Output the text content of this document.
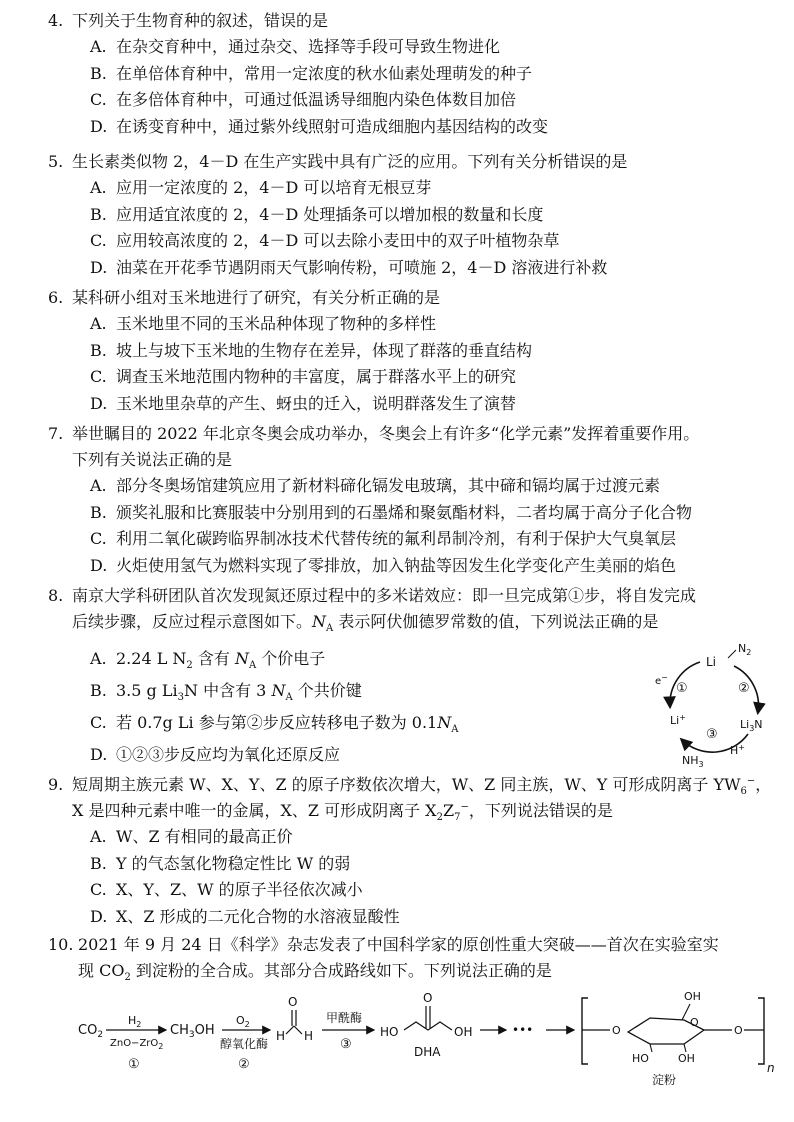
4. 下列关于生物育种的叙述，错误的是
A. 在杂交育种中，通过杂交、选择等手段可导致生物进化
B. 在单倍体育种中，常用一定浓度的秋水仙素处理萌发的种子
C. 在多倍体育种中，可通过低温诱导细胞内染色体数目加倍
D. 在诱变育种中，通过紫外线照射可造成细胞内基因结构的改变
5. 生长素类似物 2，4－D 在生产实践中具有广泛的应用。下列有关分析错误的是
A. 应用一定浓度的 2，4－D 可以培育无根豆芽
B. 应用适宜浓度的 2，4－D 处理插条可以增加根的数量和长度
C. 应用较高浓度的 2，4－D 可以去除小麦田中的双子叶植物杂草
D. 油菜在开花季节遇阴雨天气影响传粉，可喷施 2，4－D 溶液进行补救
6. 某科研小组对玉米地进行了研究，有关分析正确的是
A. 玉米地里不同的玉米品种体现了物种的多样性
B. 坡上与坡下玉米地的生物存在差异，体现了群落的垂直结构
C. 调查玉米地范围内物种的丰富度，属于群落水平上的研究
D. 玉米地里杂草的产生、蚜虫的迁入，说明群落发生了演替
7. 举世瞩目的 2022 年北京冬奥会成功举办，冬奥会上有许多“化学元素”发挥着重要作用。
下列有关说法正确的是
A. 部分冬奥场馆建筑应用了新材料碲化镉发电玻璃，其中碲和镉均属于过渡元素
B. 颁奖礼服和比赛服装中分别用到的石墨烯和聚氨酯材料，二者均属于高分子化合物
C. 利用二氧化碳跨临界制冰技术代替传统的氟利昂制冷剂，有利于保护大气臭氧层
D. 火炬使用氢气为燃料实现了零排放，加入钠盐等因发生化学变化产生美丽的焰色
8. 南京大学科研团队首次发现氮还原过程中的多米诺效应：即一旦完成第①步，将自发完成
后续步骤，反应过程示意图如下。$N_A$ 表示阿伏伽德罗常数的值，下列说法正确的是
A. 2.24 L $N_2$ 含有 $N_A$ 个价电子
B. 3.5 g $Li_3N$ 中含有 3 $N_A$ 个共价键
C. 若 0.7g Li 参与第②步反应转移电子数为 $0.1N_A$
D. ①②③步反应均为氧化还原反应
Li
$N_2$
e−
①	②
Li+
$Li_3N$
③
H+
$NH_3$
9. 短周期主族元素 W、X、Y、Z 的原子序数依次增大，W、Z 同主族，W、Y 可形成阴离子 $YW_6^-$，
X 是四种元素中唯一的金属，X、Z 可形成阴离子 $X_2Z_7^-$，下列说法错误的是
A. W、Z 有相同的最高正价
B. Y 的气态氢化物稳定性比 W 的弱
C. X、Y、Z、W 的原子半径依次减小
D. X、Z 形成的二元化合物的水溶液显酸性
10. 2021 年 9 月 24 日《科学》杂志发表了中国科学家的原创性重大突破——首次在实验室实
现 $CO_2$ 到淀粉的全合成。其部分合成路线如下。下列说法正确的是
$CO_2$
$H_2$
ZnO−ZrO$_2$
①
$CH_3OH$
$O_2$
醇氧化酶
②
H
O
H
甲酰酶
③
HO
O
OH
DHA
•••
n
OH
O
O
HO	OH
O
淀粉
